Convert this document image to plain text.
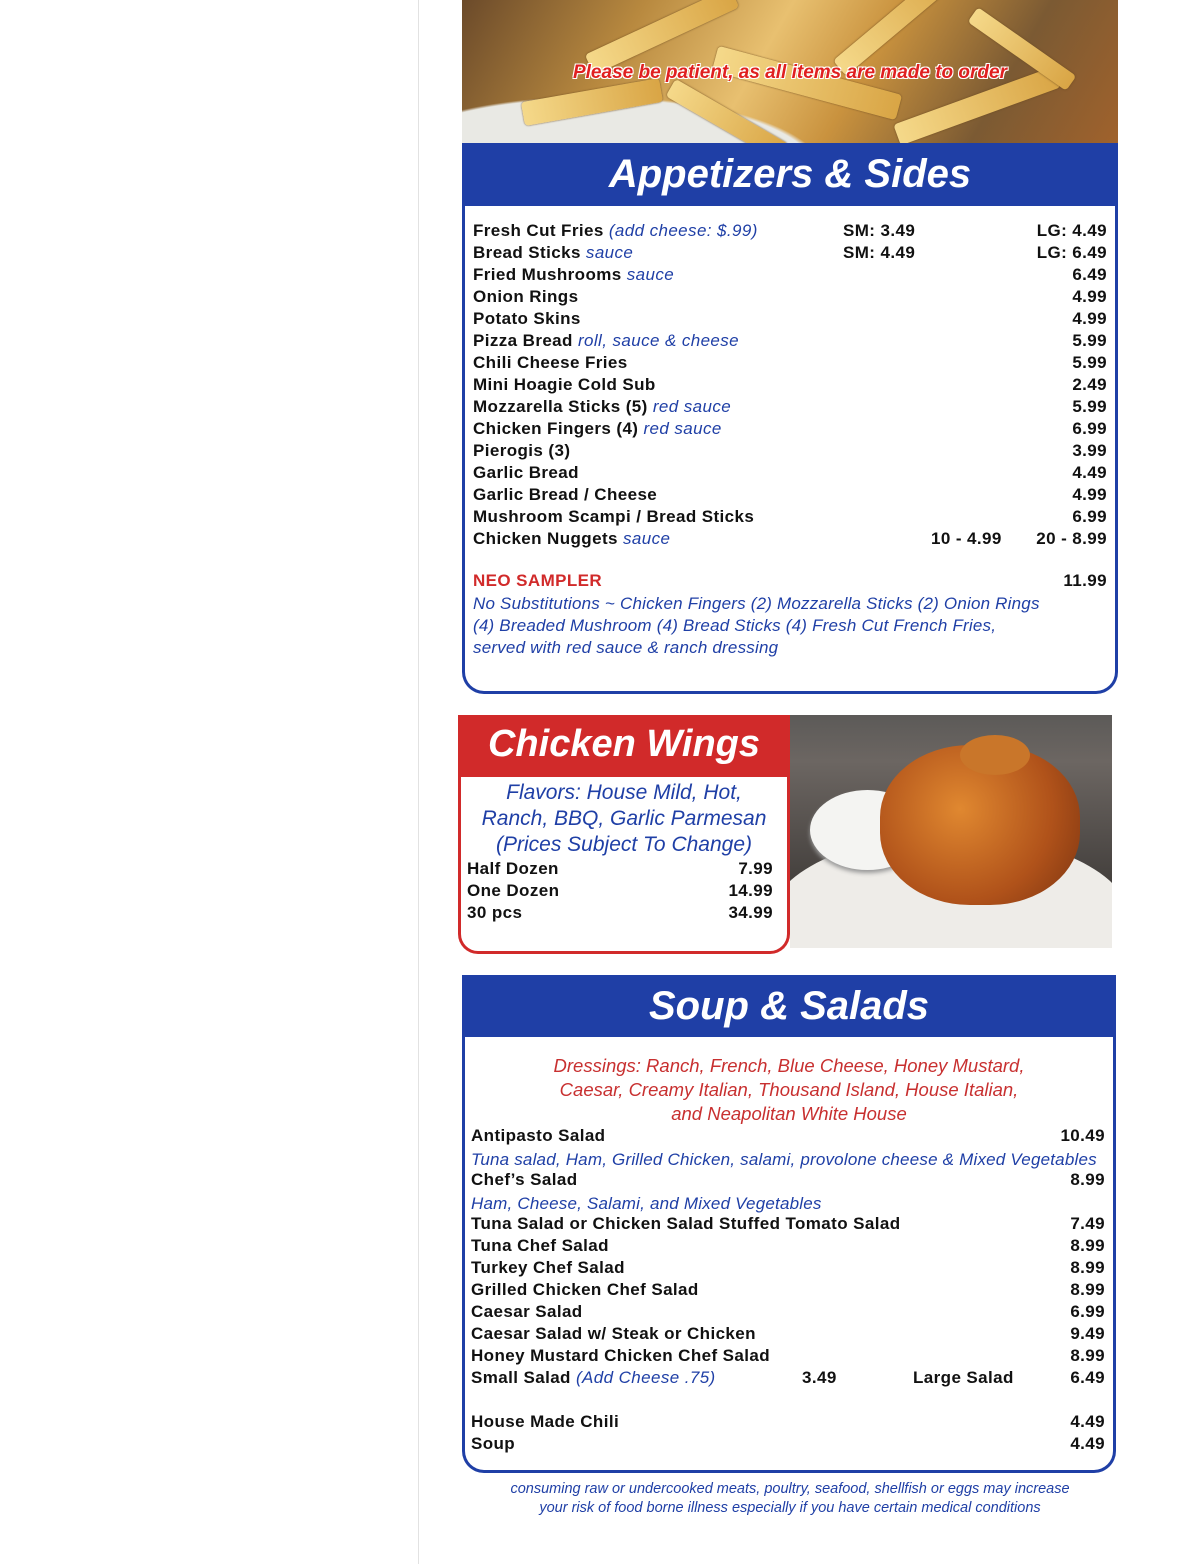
Please be patient, as all items are made to order
Appetizers & Sides
Fresh Cut Fries (add cheese: $.99)	SM: 3.49	LG: 4.49
Bread Sticks sauce	SM: 4.49	LG: 6.49
Fried Mushrooms sauce	6.49
Onion Rings	4.99
Potato Skins	4.99
Pizza Bread roll, sauce & cheese	5.99
Chili Cheese Fries	5.99
Mini Hoagie Cold Sub	2.49
Mozzarella Sticks (5) red sauce	5.99
Chicken Fingers (4) red sauce	6.99
Pierogis (3)	3.99
Garlic Bread	4.49
Garlic Bread / Cheese	4.99
Mushroom Scampi / Bread Sticks	6.99
Chicken Nuggets sauce	10 - 4.99 20 - 8.99
NEO SAMPLER	11.99
No Substitutions ~ Chicken Fingers (2) Mozzarella Sticks (2) Onion Rings
(4) Breaded Mushroom (4) Bread Sticks (4) Fresh Cut French Fries,
served with red sauce & ranch dressing
Chicken Wings
Flavors: House Mild, Hot,
Ranch, BBQ, Garlic Parmesan
(Prices Subject To Change)
Half Dozen	7.99
One Dozen	14.99
30 pcs	34.99
Soup & Salads
Dressings: Ranch, French, Blue Cheese, Honey Mustard,
Caesar, Creamy Italian, Thousand Island, House Italian,
and Neapolitan White House
Antipasto Salad	10.49
Tuna salad, Ham, Grilled Chicken, salami, provolone cheese & Mixed Vegetables
Chef’s Salad	8.99
Ham, Cheese, Salami, and Mixed Vegetables
Tuna Salad or Chicken Salad Stuffed Tomato Salad	7.49
Tuna Chef Salad	8.99
Turkey Chef Salad	8.99
Grilled Chicken Chef Salad	8.99
Caesar Salad	6.99
Caesar Salad w/ Steak or Chicken	9.49
Honey Mustard Chicken Chef Salad	8.99
Small Salad (Add Cheese .75)	3.49	Large Salad	6.49
House Made Chili	4.49
Soup	4.49
consuming raw or undercooked meats, poultry, seafood, shellfish or eggs may increase
your risk of food borne illness especially if you have certain medical conditions
